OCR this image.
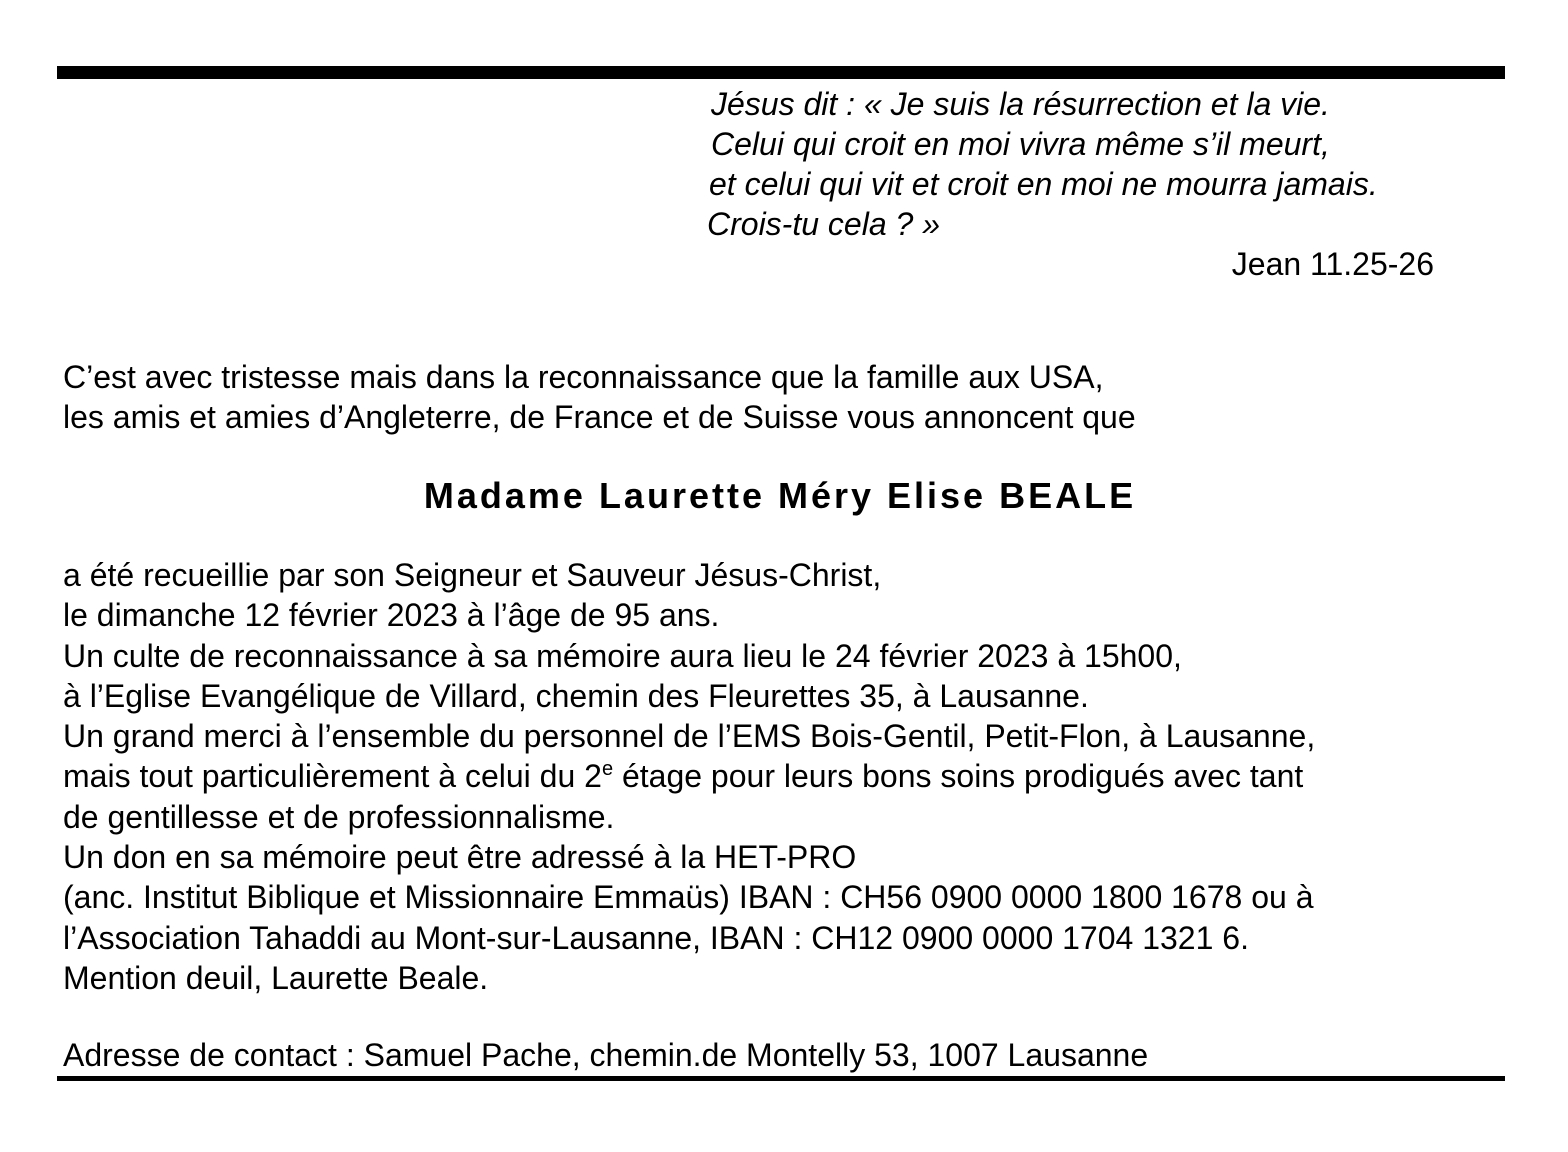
Jésus dit : « Je suis la résurrection et la vie.
Celui qui croit en moi vivra même s’il meurt,
et celui qui vit et croit en moi ne mourra jamais.
Crois-tu cela ? »
Jean 11.25-26
C’est avec tristesse mais dans la reconnaissance que la famille aux USA,
les amis et amies d’Angleterre, de France et de Suisse vous annoncent que
Madame Laurette Méry Elise BEALE
a été recueillie par son Seigneur et Sauveur Jésus-Christ,
le dimanche 12 février 2023 à l’âge de 95 ans.
Un culte de reconnaissance à sa mémoire aura lieu le 24 février 2023 à 15h00,
à l’Eglise Evangélique de Villard, chemin des Fleurettes 35, à Lausanne.
Un grand merci à l’ensemble du personnel de l’EMS Bois-Gentil, Petit-Flon, à Lausanne,
mais tout particulièrement à celui du 2e étage pour leurs bons soins prodigués avec tant
de gentillesse et de professionnalisme.
Un don en sa mémoire peut être adressé à la HET-PRO
(anc. Institut Biblique et Missionnaire Emmaüs) IBAN : CH56 0900 0000 1800 1678 ou à
l’Association Tahaddi au Mont-sur-Lausanne, IBAN : CH12 0900 0000 1704 1321 6.
Mention deuil, Laurette Beale.
Adresse de contact : Samuel Pache, chemin.de Montelly 53, 1007 Lausanne
